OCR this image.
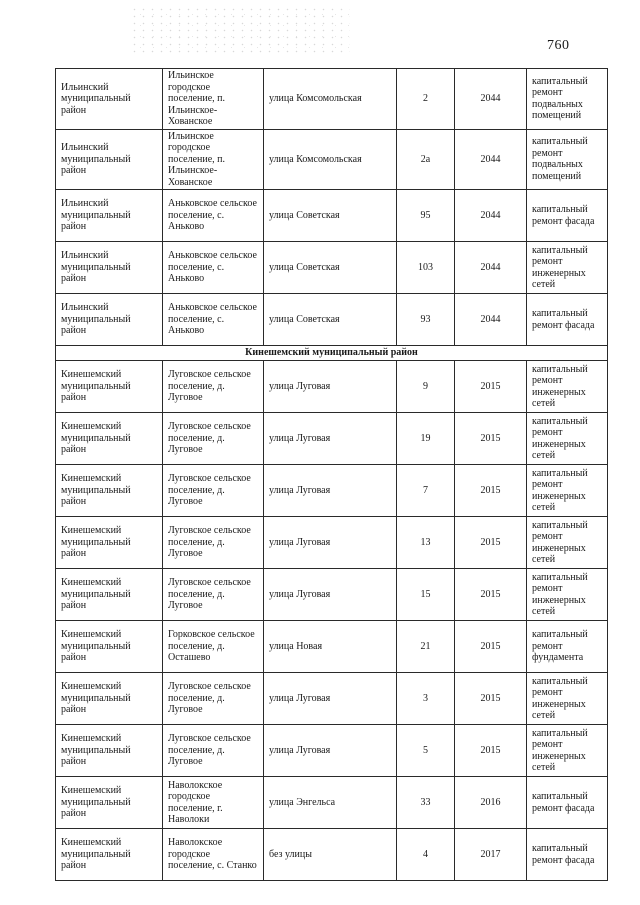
760
Ильинский муниципальный район	Ильинское городское поселение, п. Ильинское-Хованское	улица Комсомольская	2	2044	капитальный ремонт подвальных помещений
Ильинский муниципальный район	Ильинское городское поселение, п. Ильинское-Хованское	улица Комсомольская	2а	2044	капитальный ремонт подвальных помещений
Ильинский муниципальный район	Аньковское сельское поселение, с. Аньково	улица Советская	95	2044	капитальный ремонт фасада
Ильинский муниципальный район	Аньковское сельское поселение, с. Аньково	улица Советская	103	2044	капитальный ремонт инженерных сетей
Ильинский муниципальный район	Аньковское сельское поселение, с. Аньково	улица Советская	93	2044	капитальный ремонт фасада
Кинешемский муниципальный район					
Кинешемский муниципальный район	Луговское сельское поселение, д. Луговое	улица Луговая	9	2015	капитальный ремонт инженерных сетей
Кинешемский муниципальный район	Луговское сельское поселение, д. Луговое	улица Луговая	19	2015	капитальный ремонт инженерных сетей
Кинешемский муниципальный район	Луговское сельское поселение, д. Луговое	улица Луговая	7	2015	капитальный ремонт инженерных сетей
Кинешемский муниципальный район	Луговское сельское поселение, д. Луговое	улица Луговая	13	2015	капитальный ремонт инженерных сетей
Кинешемский муниципальный район	Луговское сельское поселение, д. Луговое	улица Луговая	15	2015	капитальный ремонт инженерных сетей
Кинешемский муниципальный район	Горковское сельское поселение, д. Осташево	улица Новая	21	2015	капитальный ремонт фундамента
Кинешемский муниципальный район	Луговское сельское поселение, д. Луговое	улица Луговая	3	2015	капитальный ремонт инженерных сетей
Кинешемский муниципальный район	Луговское сельское поселение, д. Луговое	улица Луговая	5	2015	капитальный ремонт инженерных сетей
Кинешемский муниципальный район	Наволокское городское поселение, г. Наволоки	улица Энгельса	33	2016	капитальный ремонт фасада
Кинешемский муниципальный район	Наволокское городское поселение, с. Станко	без улицы	4	2017	капитальный ремонт фасада
